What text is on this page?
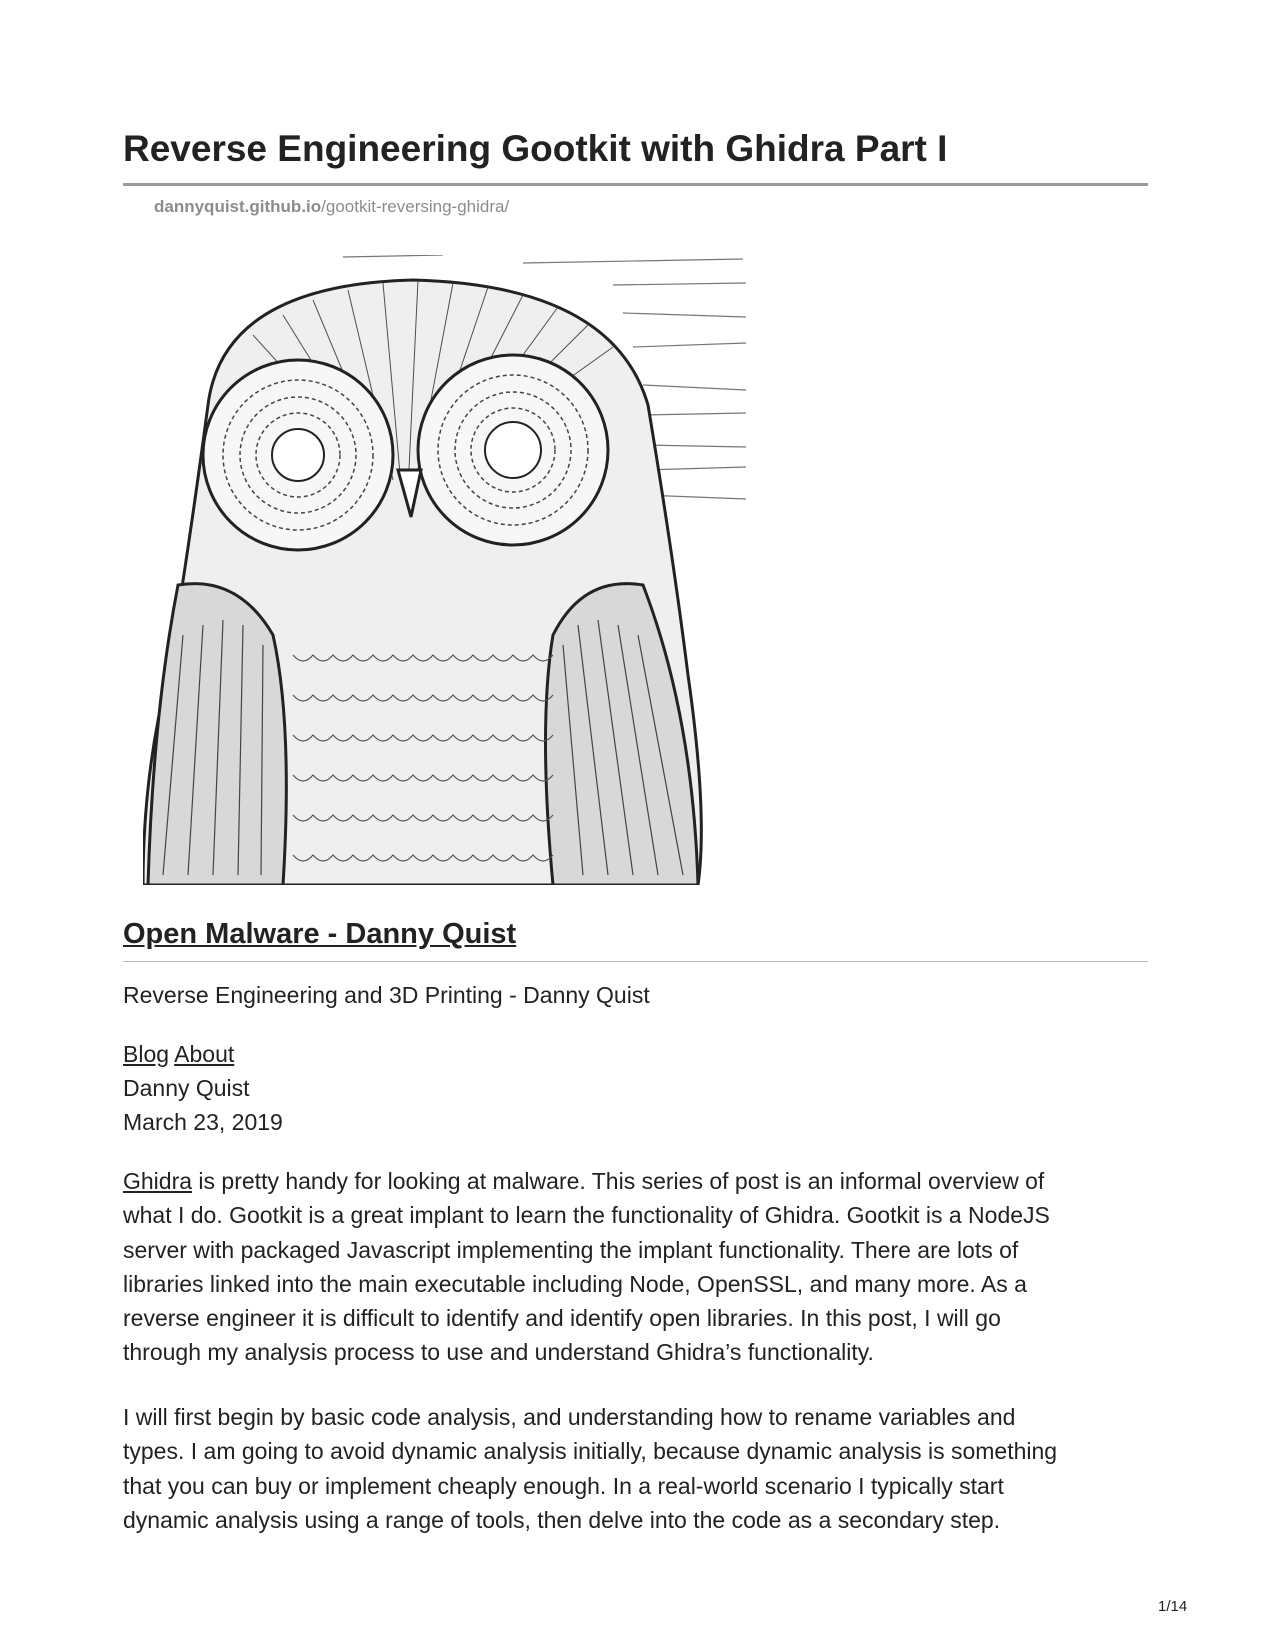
Reverse Engineering Gootkit with Ghidra Part I
dannyquist.github.io/gootkit-reversing-ghidra/
Open Malware - Danny Quist
Reverse Engineering and 3D Printing - Danny Quist
Blog About
Danny Quist
March 23, 2019

Ghidra is pretty handy for looking at malware. This series of post is an informal overview of
what I do. Gootkit is a great implant to learn the functionality of Ghidra. Gootkit is a NodeJS
server with packaged Javascript implementing the implant functionality. There are lots of
libraries linked into the main executable including Node, OpenSSL, and many more. As a
reverse engineer it is difficult to identify and identify open libraries. In this post, I will go
through my analysis process to use and understand Ghidra’s functionality.

I will first begin by basic code analysis, and understanding how to rename variables and
types. I am going to avoid dynamic analysis initially, because dynamic analysis is something
that you can buy or implement cheaply enough. In a real-world scenario I typically start
dynamic analysis using a range of tools, then delve into the code as a secondary step.

1/14
